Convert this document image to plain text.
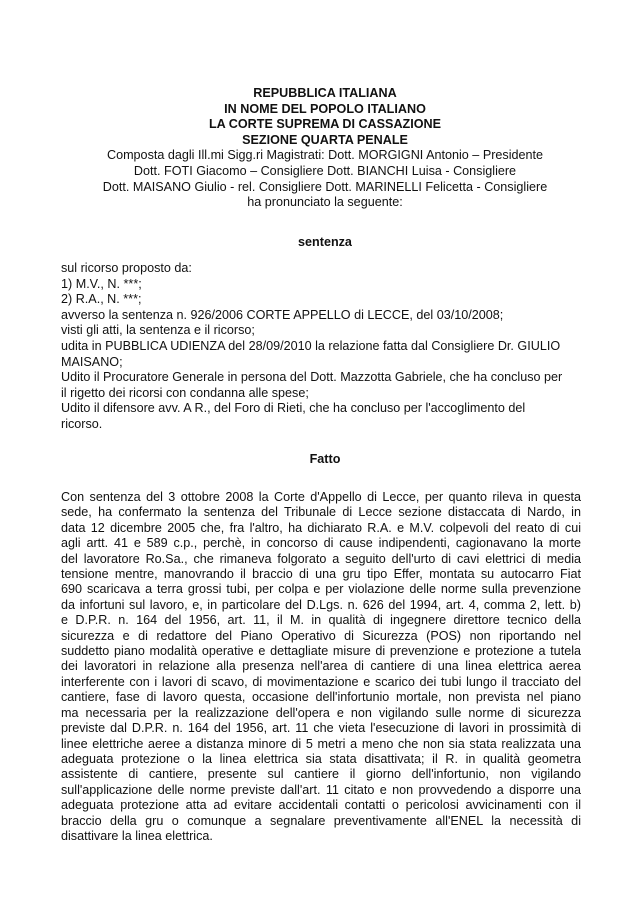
REPUBBLICA ITALIANA
IN NOME DEL POPOLO ITALIANO
LA CORTE SUPREMA DI CASSAZIONE
SEZIONE QUARTA PENALE
Composta dagli Ill.mi Sigg.ri Magistrati: Dott. MORGIGNI Antonio – Presidente
Dott. FOTI Giacomo – Consigliere Dott. BIANCHI Luisa - Consigliere
Dott. MAISANO Giulio - rel. Consigliere Dott. MARINELLI Felicetta - Consigliere
ha pronunciato la seguente:
sentenza
sul ricorso proposto da:
1) M.V., N. ***;
2) R.A., N. ***;
avverso la sentenza n. 926/2006 CORTE APPELLO di LECCE, del 03/10/2008;
visti gli atti, la sentenza e il ricorso;
udita in PUBBLICA UDIENZA del 28/09/2010 la relazione fatta dal Consigliere Dr. GIULIO
MAISANO;
Udito il Procuratore Generale in persona del Dott. Mazzotta Gabriele, che ha concluso per
il rigetto dei ricorsi con condanna alle spese;
Udito il difensore avv. A R., del Foro di Rieti, che ha concluso per l'accoglimento del
ricorso.
Fatto
Con sentenza del 3 ottobre 2008 la Corte d'Appello di Lecce, per quanto rileva in questa
sede, ha confermato la sentenza del Tribunale di Lecce sezione distaccata di Nardo, in
data 12 dicembre 2005 che, fra l'altro, ha dichiarato R.A. e M.V. colpevoli del reato di cui
agli artt. 41 e 589 c.p., perchè, in concorso di cause indipendenti, cagionavano la morte
del lavoratore Ro.Sa., che rimaneva folgorato a seguito dell'urto di cavi elettrici di media
tensione mentre, manovrando il braccio di una gru tipo Effer, montata su autocarro Fiat
690 scaricava a terra grossi tubi, per colpa e per violazione delle norme sulla prevenzione
da infortuni sul lavoro, e, in particolare del D.Lgs. n. 626 del 1994, art. 4, comma 2, lett. b)
e D.P.R. n. 164 del 1956, art. 11, il M. in qualità di ingegnere direttore tecnico della
sicurezza e di redattore del Piano Operativo di Sicurezza (POS) non riportando nel
suddetto piano modalità operative e dettagliate misure di prevenzione e protezione a tutela
dei lavoratori in relazione alla presenza nell'area di cantiere di una linea elettrica aerea
interferente con i lavori di scavo, di movimentazione e scarico dei tubi lungo il tracciato del
cantiere, fase di lavoro questa, occasione dell'infortunio mortale, non prevista nel piano
ma necessaria per la realizzazione dell'opera e non vigilando sulle norme di sicurezza
previste dal D.P.R. n. 164 del 1956, art. 11 che vieta l'esecuzione di lavori in prossimità di
linee elettriche aeree a distanza minore di 5 metri a meno che non sia stata realizzata una
adeguata protezione o la linea elettrica sia stata disattivata; il R. in qualità geometra
assistente di cantiere, presente sul cantiere il giorno dell'infortunio, non vigilando
sull'applicazione delle norme previste dall'art. 11 citato e non provvedendo a disporre una
adeguata protezione atta ad evitare accidentali contatti o pericolosi avvicinamenti con il
braccio della gru o comunque a segnalare preventivamente all'ENEL la necessità di
disattivare la linea elettrica.
